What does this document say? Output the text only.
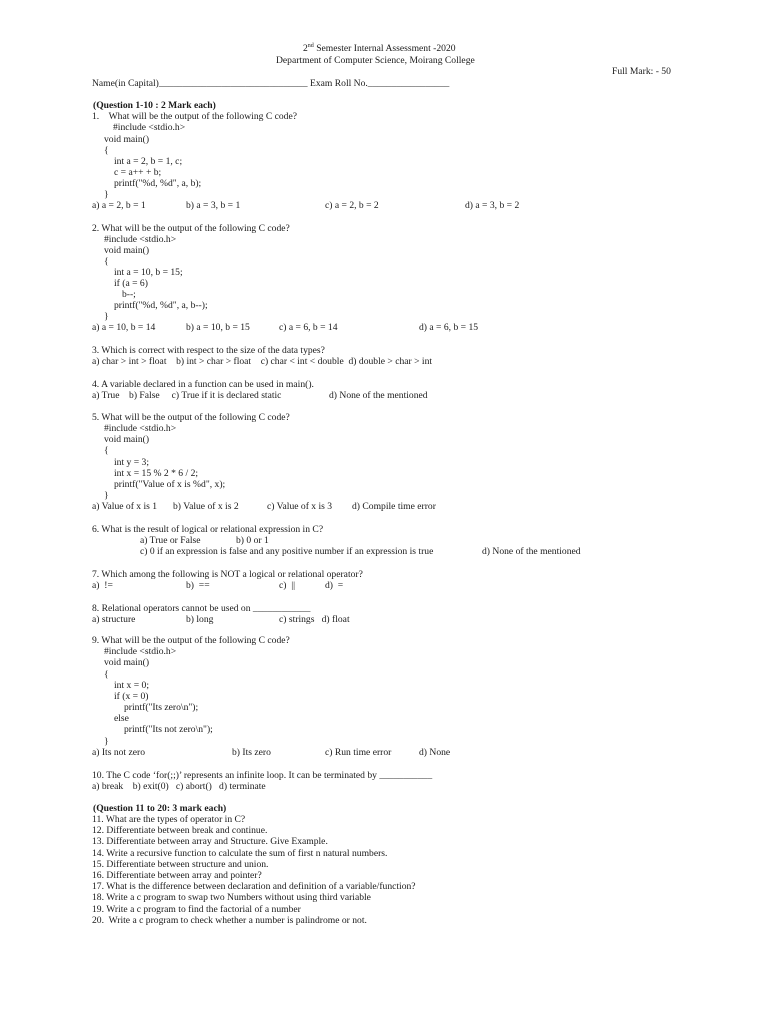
2nd Semester Internal Assessment -2020
Department of Computer Science, Moirang College
Full Mark: - 50
Name(in Capital)_______________________________ Exam Roll No._________________
(Question 1-10 : 2 Mark each)
1.    What will be the output of the following C code?
#include <stdio.h>
void main()
{
int a = 2, b = 1, c;
c = a++ + b;
printf("%d, %d", a, b);
}
a) a = 2, b = 1	b) a = 3, b = 1	c) a = 2, b = 2	d) a = 3, b = 2
2. What will be the output of the following C code?
#include <stdio.h>
void main()
{
int a = 10, b = 15;
if (a = 6)
b--;
printf("%d, %d", a, b--);
}
a) a = 10, b = 14	b) a = 10, b = 15	c) a = 6, b = 14	d) a = 6, b = 15
3. Which is correct with respect to the size of the data types?
a) char > int > float    b) int > char > float    c) char < int < double  d) double > char > int
4. A variable declared in a function can be used in main().
a) True    b) False     c) True if it is declared static	d) None of the mentioned
5. What will be the output of the following C code?
#include <stdio.h>
void main()
{
int y = 3;
int x = 15 % 2 * 6 / 2;
printf("Value of x is %d", x);
}
a) Value of x is 1 b) Value of x is 2	c) Value of x is 3 d) Compile time error
6. What is the result of logical or relational expression in C?
a) True or False	b) 0 or 1
c) 0 if an expression is false and any positive number if an expression is true	d) None of the mentioned
7. Which among the following is NOT a logical or relational operator?
a)  !=	b)  ==	c)  ||	d)  =
8. Relational operators cannot be used on ____________
a) structure	b) long	c) strings   d) float
9. What will be the output of the following C code?
#include <stdio.h>
void main()
{
int x = 0;
if (x = 0)
printf("Its zero\n");
else
printf("Its not zero\n");
}
a) Its not zero	b) Its zero	c) Run time error	d) None
10. The C code ‘for(;;)’ represents an infinite loop. It can be terminated by ___________
a) break    b) exit(0)   c) abort()   d) terminate
(Question 11 to 20: 3 mark each)
11. What are the types of operator in C?
12. Differentiate between break and continue.
13. Differentiate between array and Structure. Give Example.
14. Write a recursive function to calculate the sum of first n natural numbers.
15. Differentiate between structure and union.
16. Differentiate between array and pointer?
17. What is the difference between declaration and definition of a variable/function?
18. Write a c program to swap two Numbers without using third variable
19. Write a c program to find the factorial of a number
20.  Write a c program to check whether a number is palindrome or not.
